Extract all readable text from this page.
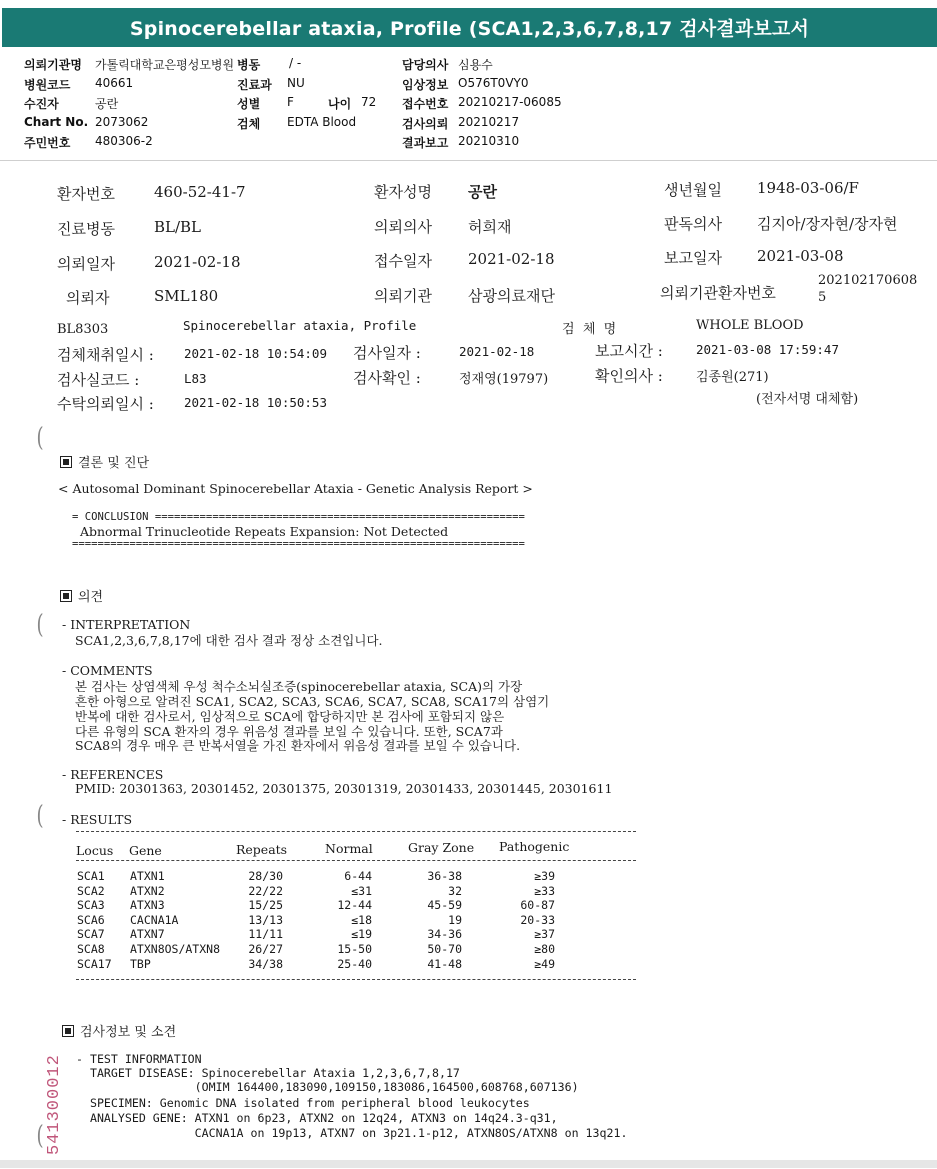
Spinocerebellar ataxia, Profile (SCA1,2,3,6,7,8,17 검사결과보고서
의뢰기관명 가톨릭대학교은평성모병원 병동 / -	담당의사 심용수
병원코드 40661	진료과 NU	임상정보 O576T0VY0
수진자	공란	성별 F	나이 72 접수번호 20210217-06085
Chart No. 2073062	검체 EDTA Blood	검사의뢰 20210217
주민번호 480306-2	결과보고 20210310
환자번호	460-52-41-7	환자성명 공란	생년월일 1948-03-06/F
진료병동	BL/BL	의뢰의사 허희재	판독의사 김지아/장자현/장자현
의뢰일자	2021-02-18	접수일자 2021-02-18	보고일자 2021-03-08
의뢰자	SML180	의뢰기관 삼광의료재단	의뢰기관환자번호
202102170608
5
BL8303	Spinocerebellar ataxia, Profile	검  체  명	WHOLE BLOOD
검체채취일시 : 2021-02-18 10:54:09 검사일자 :	2021-02-18	보고시간 :	2021-03-08 17:59:47
검사실코드 :	L83	검사확인 :	정재영(19797)	확인의사 :	김종원(271)
수탁의뢰일시 : 2021-02-18 10:50:53	(전자서명 대체함)
(
(
(
(
결론 및 진단
< Autosomal Dominant Spinocerebellar Ataxia - Genetic Analysis Report >
= CONCLUSION ==========================================================
Abnormal Trinucleotide Repeats Expansion: Not Detected
=======================================================================
의견
- INTERPRETATION
SCA1,2,3,6,7,8,17에 대한 검사 결과 정상 소견입니다.
- COMMENTS
본 검사는 상염색체 우성 척수소뇌실조증(spinocerebellar ataxia, SCA)의 가장
흔한 아형으로 알려진 SCA1, SCA2, SCA3, SCA6, SCA7, SCA8, SCA17의 삼염기
반복에 대한 검사로서, 임상적으로 SCA에 합당하지만 본 검사에 포함되지 않은
다른 유형의 SCA 환자의 경우 위음성 결과를 보일 수 있습니다. 또한, SCA7과
SCA8의 경우 매우 큰 반복서열을 가진 환자에서 위음성 결과를 보일 수 있습니다.
- REFERENCES
PMID: 20301363, 20301452, 20301375, 20301319, 20301433, 20301445, 20301611
- RESULTS
Locus Gene	Repeats	Normal	Gray Zone Pathogenic
SCA1 ATXN1	28/30	6-44	36-38	≥39
SCA2 ATXN2	22/22	≤31	32	≥33
SCA3 ATXN3	15/25	12-44	45-59	60-87
SCA6 CACNA1A	13/13	≤18	19	20-33
SCA7 ATXN7	11/11	≤19	34-36	≥37
SCA8 ATXN8OS/ATXN8	26/27	15-50	50-70	≥80
SCA17 TBP	34/38	25-40	41-48	≥49
검사정보 및 소견
- TEST INFORMATION
TARGET DISEASE: Spinocerebellar Ataxia 1,2,3,6,7,8,17
(OMIM 164400,183090,109150,183086,164500,608768,607136)
SPECIMEN: Genomic DNA isolated from peripheral blood leukocytes
ANALYSED GENE: ATXN1 on 6p23, ATXN2 on 12q24, ATXN3 on 14q24.3-q31,
CACNA1A on 19p13, ATXN7 on 3p21.1-p12, ATXN8OS/ATXN8 on 13q21.
541300012
